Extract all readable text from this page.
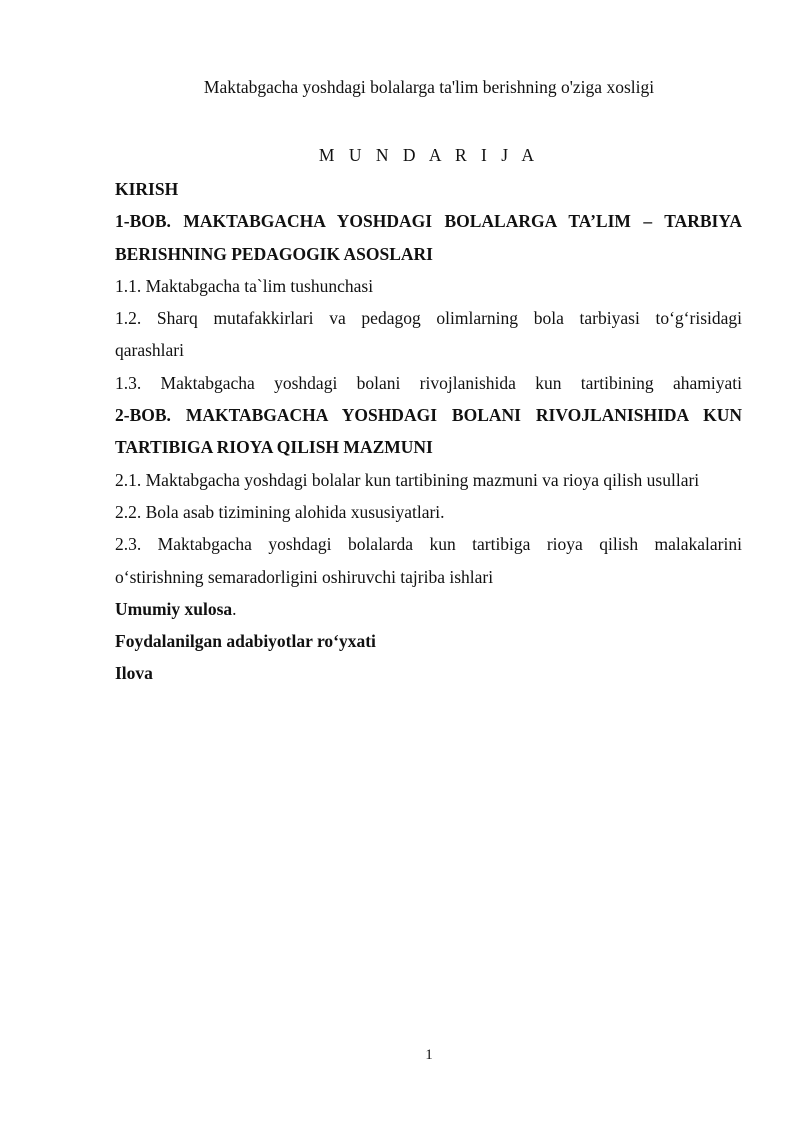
Maktabgacha yoshdagi bolalarga ta'lim berishning o'ziga xosligi
M U N D A R I J A
KIRISH
1-BOB. MAKTABGACHA YOSHDAGI BOLALARGA TA’LIM – TARBIYA
BERISHNING PEDAGOGIK ASOSLARI
1.1. Maktabgacha ta`lim tushunchasi
1.2. Sharq mutafakkirlari va pedagog olimlarning bola tarbiyasi to‘g‘risidagi
qarashlari
1.3. Maktabgacha yoshdagi bolani rivojlanishida kun tartibining ahamiyati
2-BOB. MAKTABGACHA YOSHDAGI BOLANI RIVOJLANISHIDA KUN
TARTIBIGA RIOYA QILISH MAZMUNI
2.1. Maktabgacha yoshdagi bolalar kun tartibining mazmuni va rioya qilish usullari
2.2. Bola asab tizimining alohida xususiyatlari.
2.3. Maktabgacha yoshdagi bolalarda kun tartibiga rioya qilish malakalarini
o‘stirishning semaradorligini oshiruvchi tajriba ishlari
Umumiy xulosa.
Foydalanilgan adabiyotlar ro‘yxati
Ilova
1
